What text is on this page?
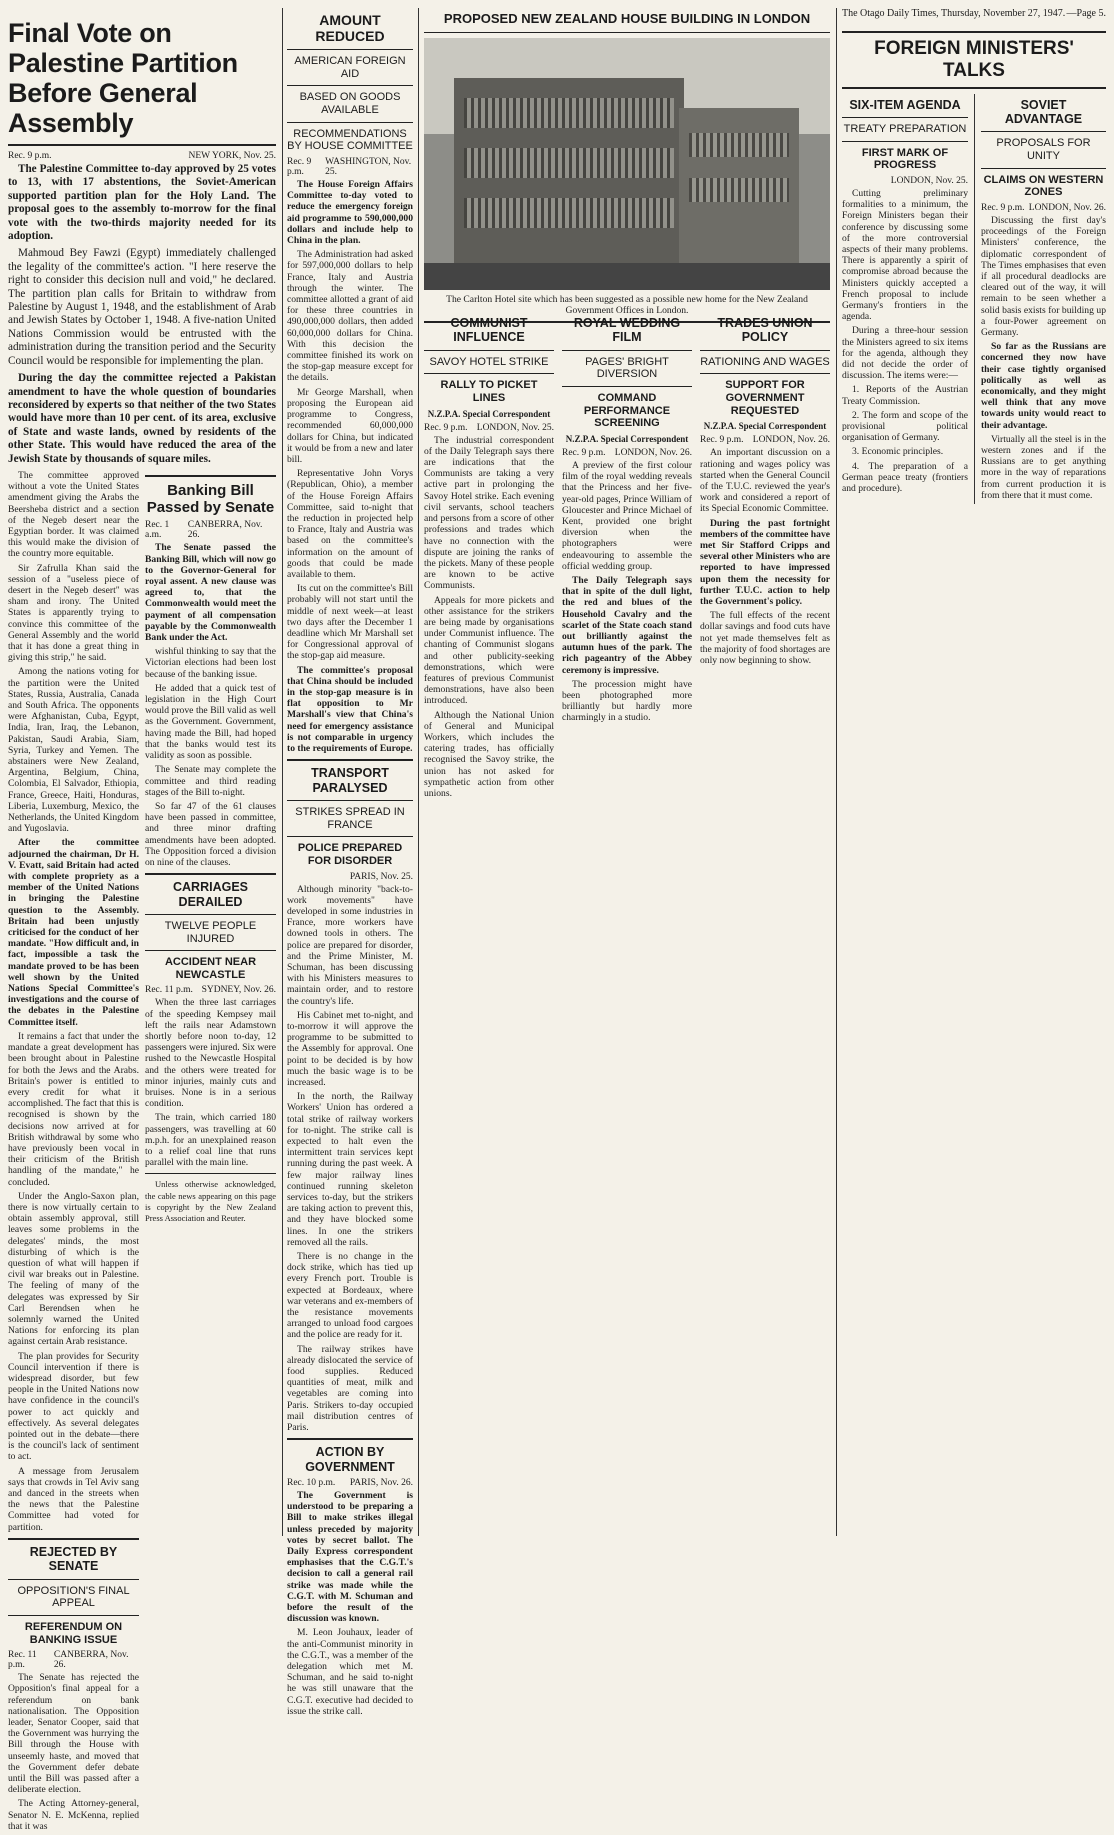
Final Vote on Palestine Partition Before General Assembly
Rec. 9 p.m.	NEW YORK, Nov. 25.

The Palestine Committee to-day approved by 25 votes to 13, with 17 abstentions, the Soviet-American supported partition plan for the Holy Land. The proposal goes to the assembly to-morrow for the final vote with the two-thirds majority needed for its adoption.

Mahmoud Bey Fawzi (Egypt) immediately challenged the legality of the committee's action. "I here reserve the right to consider this decision null and void," he declared. The partition plan calls for Britain to withdraw from Palestine by August 1, 1948, and the establishment of Arab and Jewish States by October 1, 1948. A five-nation United Nations Commission would be entrusted with the administration during the transition period and the Security Council would be responsible for implementing the plan.

During the day the committee rejected a Pakistan amendment to have the whole question of boundaries reconsidered by experts so that neither of the two States would have more than 10 per cent. of its area, exclusive of State and waste lands, owned by residents of the other State. This would have reduced the area of the Jewish State by thousands of square miles.

The committee approved without a vote the United States amendment giving the Arabs the Beersheba district and a section of the Negeb desert near the Egyptian border. It was claimed this would make the division of the country more equitable.

Sir Zafrulla Khan said the session of a "useless piece of desert in the Negeb desert" was sham and irony. The United States is apparently trying to convince this committee of the General Assembly and the world that it has done a great thing in giving this strip," he said.

Among the nations voting for the partition were the United States, Russia, Australia, Canada and South Africa. The opponents were Afghanistan, Cuba, Egypt, India, Iran, Iraq, the Lebanon, Pakistan, Saudi Arabia, Siam, Syria, Turkey and Yemen. The abstainers were New Zealand, Argentina, Belgium, China, Colombia, El Salvador, Ethiopia, France, Greece, Haiti, Honduras, Liberia, Luxemburg, Mexico, the Netherlands, the United Kingdom and Yugoslavia.

After the committee adjourned the chairman, Dr H. V. Evatt, said Britain had acted with complete propriety as a member of the United Nations in bringing the Palestine question to the Assembly. Britain had been unjustly criticised for the conduct of her mandate. "How difficult and, in fact, impossible a task the mandate proved to be has been well shown by the United Nations Special Committee's investigations and the course of the debates in the Palestine Committee itself.

It remains a fact that under the mandate a great development has been brought about in Palestine for both the Jews and the Arabs. Britain's power is entitled to every credit for what it accomplished. The fact that this is recognised is shown by the decisions now arrived at for British withdrawal by some who have previously been vocal in their criticism of the British handling of the mandate," he concluded.

Under the Anglo-Saxon plan, there is now virtually certain to obtain assembly approval, still leaves some problems in the delegates' minds, the most disturbing of which is the question of what will happen if civil war breaks out in Palestine. The feeling of many of the delegates was expressed by Sir Carl Berendsen when he solemnly warned the United Nations for enforcing its plan against certain Arab resistance.

The plan provides for Security Council intervention if there is widespread disorder, but few people in the United Nations now have confidence in the council's power to act quickly and effectively. As several delegates pointed out in the debate—there is the council's lack of sentiment to act.

A message from Jerusalem says that crowds in Tel Aviv sang and danced in the streets when the news that the Palestine Committee had voted for partition.

REJECTED BY SENATE
OPPOSITION'S FINAL APPEAL
REFERENDUM ON BANKING ISSUE
Rec. 11 p.m.
CANBERRA, Nov. 26.

The Senate has rejected the Opposition's final appeal for a referendum on bank nationalisation. The Opposition leader, Senator Cooper, said that the Government was hurrying the Bill through the House with unseemly haste, and moved that the Government defer debate until the Bill was passed after a deliberate election.

The Acting Attorney-general, Senator N. E. McKenna, replied that it was

Banking Bill Passed by Senate
Rec. 1 a.m.
CANBERRA, Nov. 26.

The Senate passed the Banking Bill, which will now go to the Governor-General for royal assent. A new clause was agreed to, that the Commonwealth would meet the payment of all compensation payable by the Commonwealth Bank under the Act.

wishful thinking to say that the Victorian elections had been lost because of the banking issue.

He added that a quick test of legislation in the High Court would prove the Bill valid as well as the Government. Government, having made the Bill, had hoped that the banks would test its validity as soon as possible.

The Senate may complete the committee and third reading stages of the Bill to-night.

So far 47 of the 61 clauses have been passed in committee, and three minor drafting amendments have been adopted. The Opposition forced a division on nine of the clauses.

CARRIAGES DERAILED
TWELVE PEOPLE INJURED
ACCIDENT NEAR NEWCASTLE
Rec. 11 p.m. SYDNEY, Nov. 26.

When the three last carriages of the speeding Kempsey mail left the rails near Adamstown shortly before noon to-day, 12 passengers were injured. Six were rushed to the Newcastle Hospital and the others were treated for minor injuries, mainly cuts and bruises. None is in a serious condition.

The train, which carried 180 passengers, was travelling at 60 m.p.h. for an unexplained reason to a relief coal line that runs parallel with the main line.

Unless otherwise acknowledged, the cable news appearing on this page is copyright by the New Zealand Press Association and Reuter.

AMOUNT REDUCED
AMERICAN FOREIGN AID
BASED ON GOODS AVAILABLE
RECOMMENDATIONS BY HOUSE COMMITTEE
Rec. 9 p.m.
WASHINGTON, Nov. 25.

The House Foreign Affairs Committee to-day voted to reduce the emergency foreign aid programme to 590,000,000 dollars and include help to China in the plan.

The Administration had asked for 597,000,000 dollars to help France, Italy and Austria through the winter. The committee allotted a grant of aid for these three countries in 490,000,000 dollars, then added 60,000,000 dollars for China. With this decision the committee finished its work on the stop-gap measure except for the details.

Mr George Marshall, when proposing the European aid programme to Congress, recommended 60,000,000 dollars for China, but indicated it would be from a new and later bill.

Representative John Vorys (Republican, Ohio), a member of the House Foreign Affairs Committee, said to-night that the reduction in projected help to France, Italy and Austria was based on the committee's information on the amount of goods that could be made available to them.

Its cut on the committee's Bill probably will not start until the middle of next week—at least two days after the December 1 deadline which Mr Marshall set for Congressional approval of the stop-gap aid measure.

The committee's proposal that China should be included in the stop-gap measure is in flat opposition to Mr Marshall's view that China's need for emergency assistance is not comparable in urgency to the requirements of Europe.

TRANSPORT PARALYSED
STRIKES SPREAD IN FRANCE
POLICE PREPARED FOR DISORDER
PARIS, Nov. 25.

Although minority "back-to-work movements" have developed in some industries in France, more workers have downed tools in others. The police are prepared for disorder, and the Prime Minister, M. Schuman, has been discussing with his Ministers measures to maintain order, and to restore the country's life.

His Cabinet met to-night, and to-morrow it will approve the programme to be submitted to the Assembly for approval. One point to be decided is by how much the basic wage is to be increased.

In the north, the Railway Workers' Union has ordered a total strike of railway workers for to-night. The strike call is expected to halt even the intermittent train services kept running during the past week. A few major railway lines continued running skeleton services to-day, but the strikers are taking action to prevent this, and they have blocked some lines. In one the strikers removed all the rails.

There is no change in the dock strike, which has tied up every French port. Trouble is expected at Bordeaux, where war veterans and ex-members of the resistance movements arranged to unload food cargoes and the police are ready for it.

The railway strikes have already dislocated the service of food supplies. Reduced quantities of meat, milk and vegetables are coming into Paris. Strikers to-day occupied mail distribution centres of Paris.

ACTION BY GOVERNMENT
Rec. 10 p.m. PARIS, Nov. 26.

The Government is understood to be preparing a Bill to make strikes illegal unless preceded by majority votes by secret ballot. The Daily Express correspondent emphasises that the C.G.T.'s decision to call a general rail strike was made while the C.G.T. with M. Schuman and before the result of the discussion was known.

M. Leon Jouhaux, leader of the anti-Communist minority in the C.G.T., was a member of the delegation which met M. Schuman, and he said to-night he was still unaware that the C.G.T. executive had decided to issue the strike call.

The Otago Daily Times, Thursday, November 27, 1947. —Page 5.
PROPOSED NEW ZEALAND HOUSE BUILDING IN LONDON
The Carlton Hotel site which has been suggested as a possible new home for the New Zealand Government Offices in London.
COMMUNIST INFLUENCE
SAVOY HOTEL STRIKE
RALLY TO PICKET LINES
N.Z.P.A. Special Correspondent
Rec. 9 p.m. LONDON, Nov. 25.

The industrial correspondent of the Daily Telegraph says there are indications that the Communists are taking a very active part in prolonging the Savoy Hotel strike. Each evening civil servants, school teachers and persons from a score of other professions and trades which have no connection with the dispute are joining the ranks of the pickets. Many of these people are known to be active Communists.

Appeals for more pickets and other assistance for the strikers are being made by organisations under Communist influence. The chanting of Communist slogans and other publicity-seeking demonstrations, which were features of previous Communist demonstrations, have also been introduced.

Although the National Union of General and Municipal Workers, which includes the catering trades, has officially recognised the Savoy strike, the union has not asked for sympathetic action from other unions.

ROYAL WEDDING FILM
PAGES' BRIGHT DIVERSION
COMMAND PERFORMANCE SCREENING
N.Z.P.A. Special Correspondent
Rec. 9 p.m. LONDON, Nov. 26.

A preview of the first colour film of the royal wedding reveals that the Princess and her five-year-old pages, Prince William of Gloucester and Prince Michael of Kent, provided one bright diversion when the photographers were endeavouring to assemble the official wedding group.

The Daily Telegraph says that in spite of the dull light, the red and blues of the Household Cavalry and the scarlet of the State coach stand out brilliantly against the autumn hues of the park. The rich pageantry of the Abbey ceremony is impressive.

The procession might have been photographed more brilliantly but hardly more charmingly in a studio.

TRADES UNION POLICY
RATIONING AND WAGES
SUPPORT FOR GOVERNMENT REQUESTED
N.Z.P.A. Special Correspondent
Rec. 9 p.m. LONDON, Nov. 26.

An important discussion on a rationing and wages policy was started when the General Council of the T.U.C. reviewed the year's work and considered a report of its Special Economic Committee.

During the past fortnight members of the committee have met Sir Stafford Cripps and several other Ministers who are reported to have impressed upon them the necessity for further T.U.C. action to help the Government's policy.

The full effects of the recent dollar savings and food cuts have not yet made themselves felt as the majority of food shortages are only now beginning to show.

FOREIGN MINISTERS' TALKS
SIX-ITEM AGENDA
TREATY PREPARATION
FIRST MARK OF PROGRESS
LONDON, Nov. 25.

Cutting preliminary formalities to a minimum, the Foreign Ministers began their conference by discussing some of the more controversial aspects of their many problems. There is apparently a spirit of compromise abroad because the Ministers quickly accepted a French proposal to include Germany's frontiers in the agenda.

During a three-hour session the Ministers agreed to six items for the agenda, although they did not decide the order of discussion. The items were:—

1. Reports of the Austrian Treaty Commission.

2. The form and scope of the provisional political organisation of Germany.

3. Economic principles.

4. The preparation of a German peace treaty (frontiers and procedure).

SOVIET ADVANTAGE
PROPOSALS FOR UNITY
CLAIMS ON WESTERN ZONES
Rec. 9 p.m. LONDON, Nov. 26.

Discussing the first day's proceedings of the Foreign Ministers' conference, the diplomatic correspondent of The Times emphasises that even if all procedural deadlocks are cleared out of the way, it will remain to be seen whether a solid basis exists for building up a four-Power agreement on Germany.

So far as the Russians are concerned they now have their case tightly organised politically as well as economically, and they might well think that any move towards unity would react to their advantage.

Virtually all the steel is in the western zones and if the Russians are to get anything more in the way of reparations from current production it is from there that it must come.
